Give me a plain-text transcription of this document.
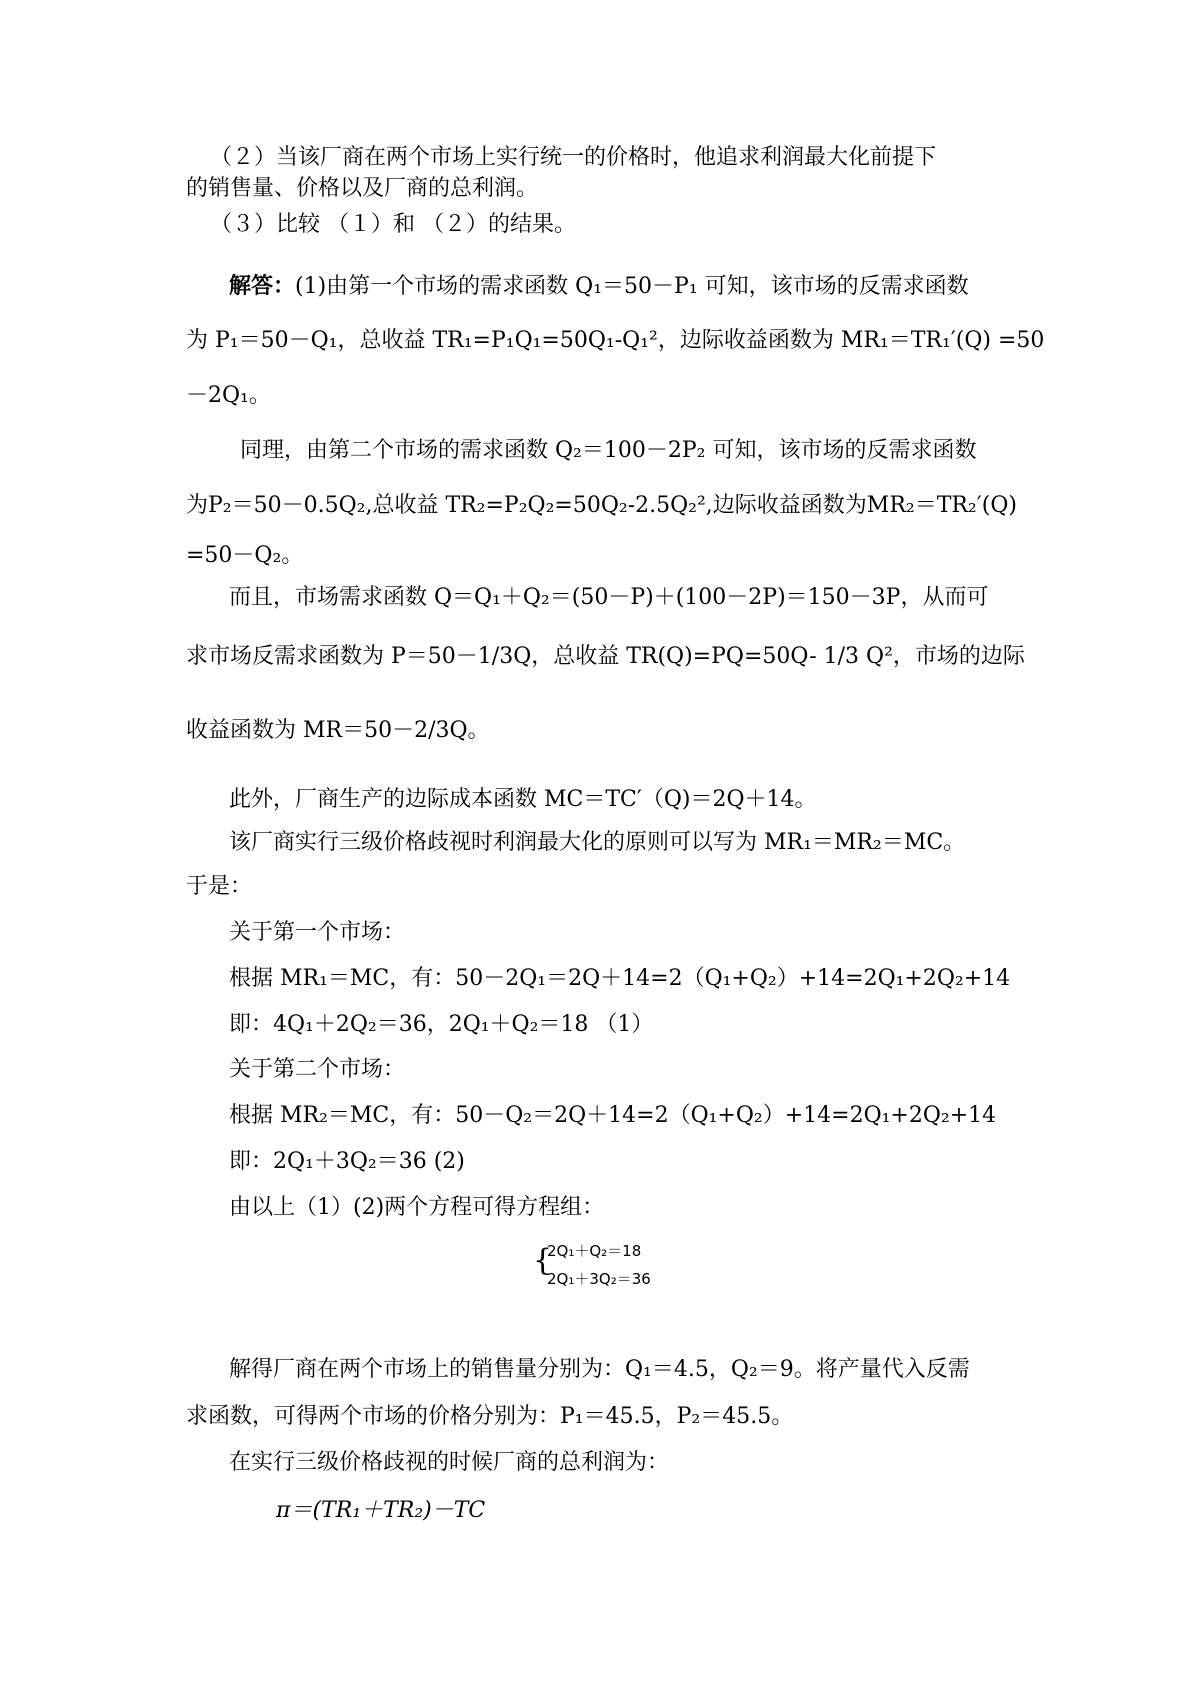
（２）当该厂商在两个市场上实行统一的价格时，他追求利润最大化前提下
的销售量、价格以及厂商的总利润。
（３）比较 （１）和 （２）的结果。
解答：(1)由第一个市场的需求函数 Q₁＝50－P₁ 可知，该市场的反需求函数
为 P₁＝50－Q₁，总收益 TR₁=P₁Q₁=50Q₁-Q₁²，边际收益函数为 MR₁＝TR₁′(Q) =50
－2Q₁。
同理，由第二个市场的需求函数 Q₂＝100－2P₂ 可知，该市场的反需求函数
为P₂＝50－0.5Q₂,总收益 TR₂=P₂Q₂=50Q₂-2.5Q₂²,边际收益函数为MR₂＝TR₂′(Q)
=50－Q₂。
而且，市场需求函数 Q＝Q₁＋Q₂＝(50－P)＋(100－2P)＝150－3P，从而可
求市场反需求函数为 P＝50－1/3Q，总收益 TR(Q)=PQ=50Q- 1/3 Q²，市场的边际
收益函数为 MR＝50－2/3Q。
此外，厂商生产的边际成本函数 MC＝TC′（Q)＝2Q＋14。
该厂商实行三级价格歧视时利润最大化的原则可以写为 MR₁＝MR₂＝MC。
于是：
关于第一个市场：
根据 MR₁＝MC，有：50－2Q₁＝2Q＋14=2（Q₁+Q₂）+14=2Q₁+2Q₂+14
即：4Q₁＋2Q₂＝36，2Q₁＋Q₂＝18 （1）
关于第二个市场：
根据 MR₂＝MC，有：50－Q₂＝2Q＋14=2（Q₁+Q₂）+14=2Q₁+2Q₂+14
即：2Q₁＋3Q₂＝36 (2)
由以上（1）(2)两个方程可得方程组：
{
2Q₁＋Q₂＝18
2Q₁＋3Q₂＝36
解得厂商在两个市场上的销售量分别为：Q₁＝4.5，Q₂＝9。将产量代入反需
求函数，可得两个市场的价格分别为：P₁＝45.5，P₂＝45.5。
在实行三级价格歧视的时候厂商的总利润为：
π＝(TR₁＋TR₂)－TC
